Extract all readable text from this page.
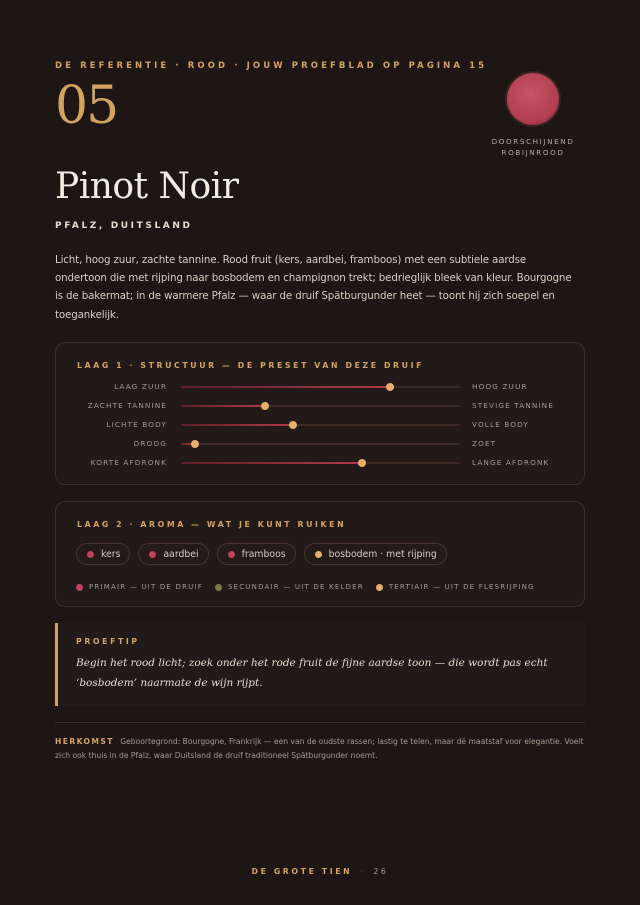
DE REFERENTIE · ROOD · JOUW PROEFBLAD OP PAGINA 15
05
DOORSCHIJNEND
ROBIJNROOD
Pinot Noir
PFALZ, DUITSLAND
Licht, hoog zuur, zachte tannine. Rood fruit (kers, aardbei, framboos) met een subtiele aardse ondertoon die met rijping naar bosbodem en champignon trekt; bedrieglijk bleek van kleur. Bourgogne is de bakermat; in de warmere Pfalz — waar de druif Spätburgunder heet — toont hij zich soepel en toegankelijk.
LAAG 1 · STRUCTUUR — DE PRESET VAN DEZE DRUIF
LAAG ZUUR	HOOG ZUUR
ZACHTE TANNINE	STEVIGE TANNINE
LICHTE BODY	VOLLE BODY
DROOG	ZOET
KORTE AFDRONK	LANGE AFDRONK
LAAG 2 · AROMA — WAT JE KUNT RUIKEN
kers	aardbei	framboos	bosbodem · met rijping
PRIMAIR — UIT DE DRUIF	SECUNDAIR — UIT DE KELDER	TERTIAIR — UIT DE FLESRIJPING
PROEFTIP
Begin het rood licht; zoek onder het rode fruit de fijne aardse toon — die wordt pas echt ‘bosbodem’ naarmate de wijn rijpt.
HERKOMST Geboortegrond: Bourgogne, Frankrijk — een van de oudste rassen; lastig te telen, maar dé maatstaf voor elegantie. Voelt zich ook thuis in de Pfalz, waar Duitsland de druif traditioneel Spätburgunder noemt.
DE GROTE TIEN · 26
